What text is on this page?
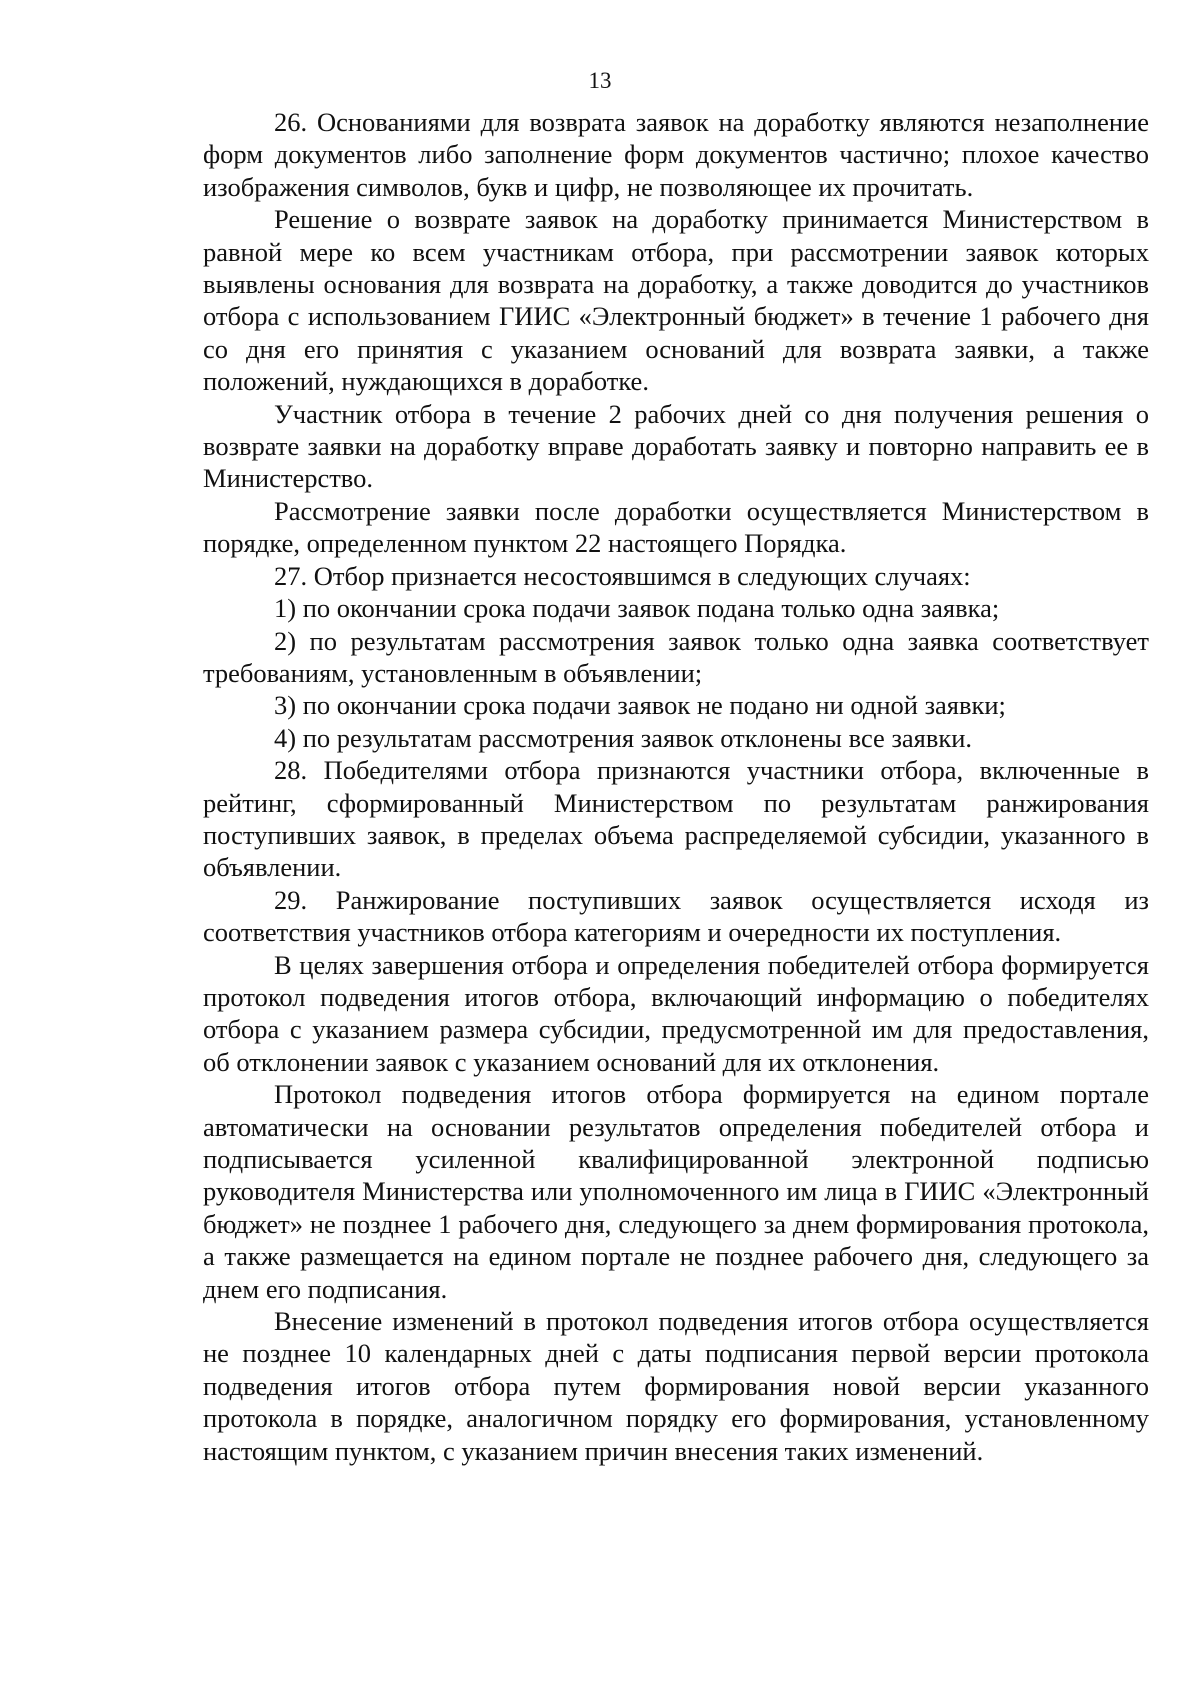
13

26. Основаниями для возврата заявок на доработку являются незаполнение форм документов либо заполнение форм документов частично; плохое качество изображения символов, букв и цифр, не позволяющее их прочитать.

Решение о возврате заявок на доработку принимается Министерством в равной мере ко всем участникам отбора, при рассмотрении заявок которых выявлены основания для возврата на доработку, а также доводится до участников отбора с использованием ГИИС «Электронный бюджет» в течение 1 рабочего дня со дня его принятия с указанием оснований для возврата заявки, а также положений, нуждающихся в доработке.

Участник отбора в течение 2 рабочих дней со дня получения решения о возврате заявки на доработку вправе доработать заявку и повторно направить ее в Министерство.

Рассмотрение заявки после доработки осуществляется Министерством в порядке, определенном пунктом 22 настоящего Порядка.

27. Отбор признается несостоявшимся в следующих случаях:

1) по окончании срока подачи заявок подана только одна заявка;

2) по результатам рассмотрения заявок только одна заявка соответствует требованиям, установленным в объявлении;

3) по окончании срока подачи заявок не подано ни одной заявки;

4) по результатам рассмотрения заявок отклонены все заявки.

28. Победителями отбора признаются участники отбора, включенные в рейтинг, сформированный Министерством по результатам ранжирования поступивших заявок, в пределах объема распределяемой субсидии, указанного в объявлении.

29. Ранжирование поступивших заявок осуществляется исходя из соответствия участников отбора категориям и очередности их поступления.

В целях завершения отбора и определения победителей отбора формируется протокол подведения итогов отбора, включающий информацию о победителях отбора с указанием размера субсидии, предусмотренной им для предоставления, об отклонении заявок с указанием оснований для их отклонения.

Протокол подведения итогов отбора формируется на едином портале автоматически на основании результатов определения победителей отбора и подписывается усиленной квалифицированной электронной подписью руководителя Министерства или уполномоченного им лица в ГИИС «Электронный бюджет» не позднее 1 рабочего дня, следующего за днем формирования протокола, а также размещается на едином портале не позднее рабочего дня, следующего за днем его подписания.

Внесение изменений в протокол подведения итогов отбора осуществляется не позднее 10 календарных дней с даты подписания первой версии протокола подведения итогов отбора путем формирования новой версии указанного протокола в порядке, аналогичном порядку его формирования, установленному настоящим пунктом, с указанием причин внесения таких изменений.
